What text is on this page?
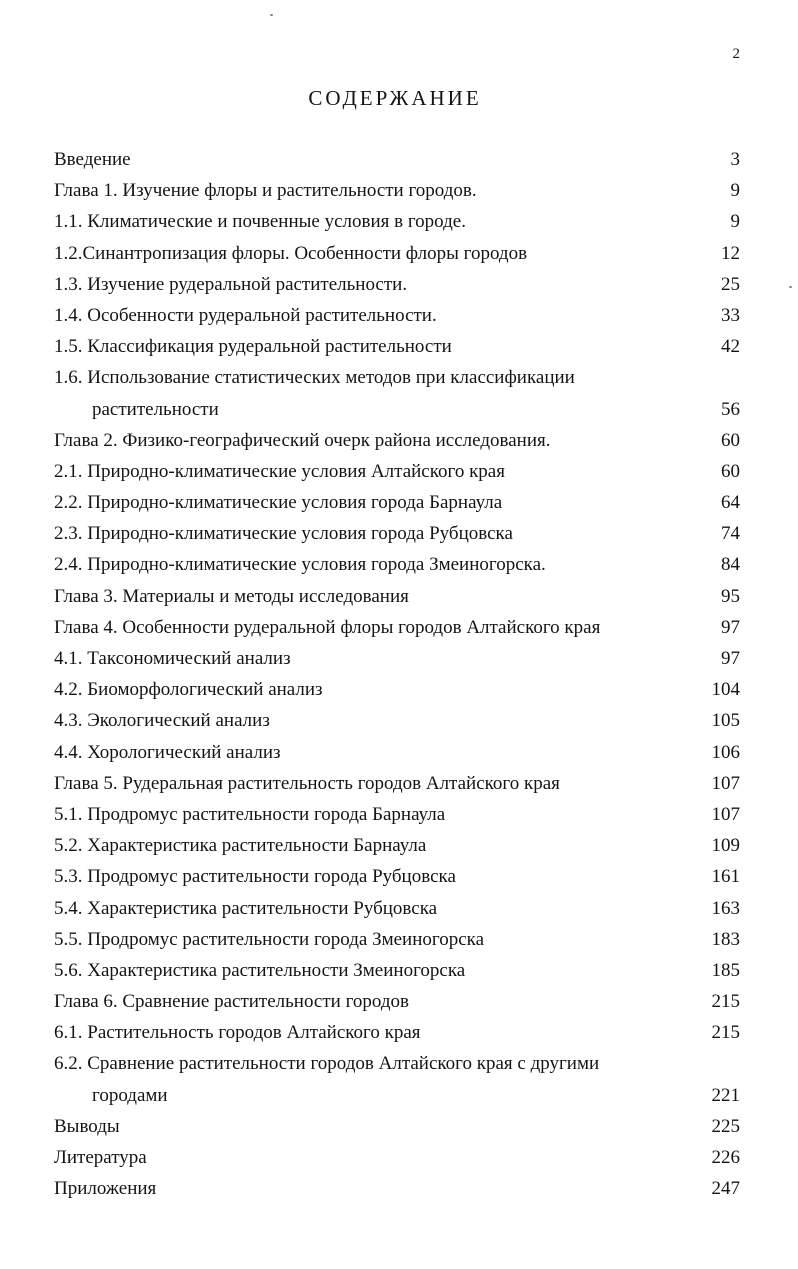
2
СОДЕРЖАНИЕ
Введение	3
Глава 1. Изучение флоры и растительности городов.	9
1.1. Климатические и почвенные условия в городе.	9
1.2.Синантропизация флоры. Особенности флоры городов	12
1.3. Изучение рудеральной растительности.	25
1.4. Особенности рудеральной растительности.	33
1.5. Классификация рудеральной растительности	42
1.6. Использование статистических методов при классификации
растительности	56
Глава 2. Физико-географический очерк района исследования.	60
2.1. Природно-климатические условия Алтайского края	60
2.2. Природно-климатические условия города Барнаула	64
2.3. Природно-климатические условия города Рубцовска	74
2.4. Природно-климатические условия города Змеиногорска.	84
Глава 3. Материалы и методы исследования	95
Глава 4. Особенности рудеральной флоры городов Алтайского края	97
4.1. Таксономический анализ	97
4.2. Биоморфологический анализ	104
4.3. Экологический анализ	105
4.4. Хорологический анализ	106
Глава 5. Рудеральная растительность городов Алтайского края	107
5.1. Продромус растительности города Барнаула	107
5.2. Характеристика растительности Барнаула	109
5.3. Продромус растительности города Рубцовска	161
5.4. Характеристика растительности Рубцовска	163
5.5. Продромус растительности города Змеиногорска	183
5.6. Характеристика растительности Змеиногорска	185
Глава 6. Сравнение растительности городов	215
6.1. Растительность городов Алтайского края	215
6.2. Сравнение растительности городов Алтайского края с другими
городами	221
Выводы	225
Литература	226
Приложения	247
